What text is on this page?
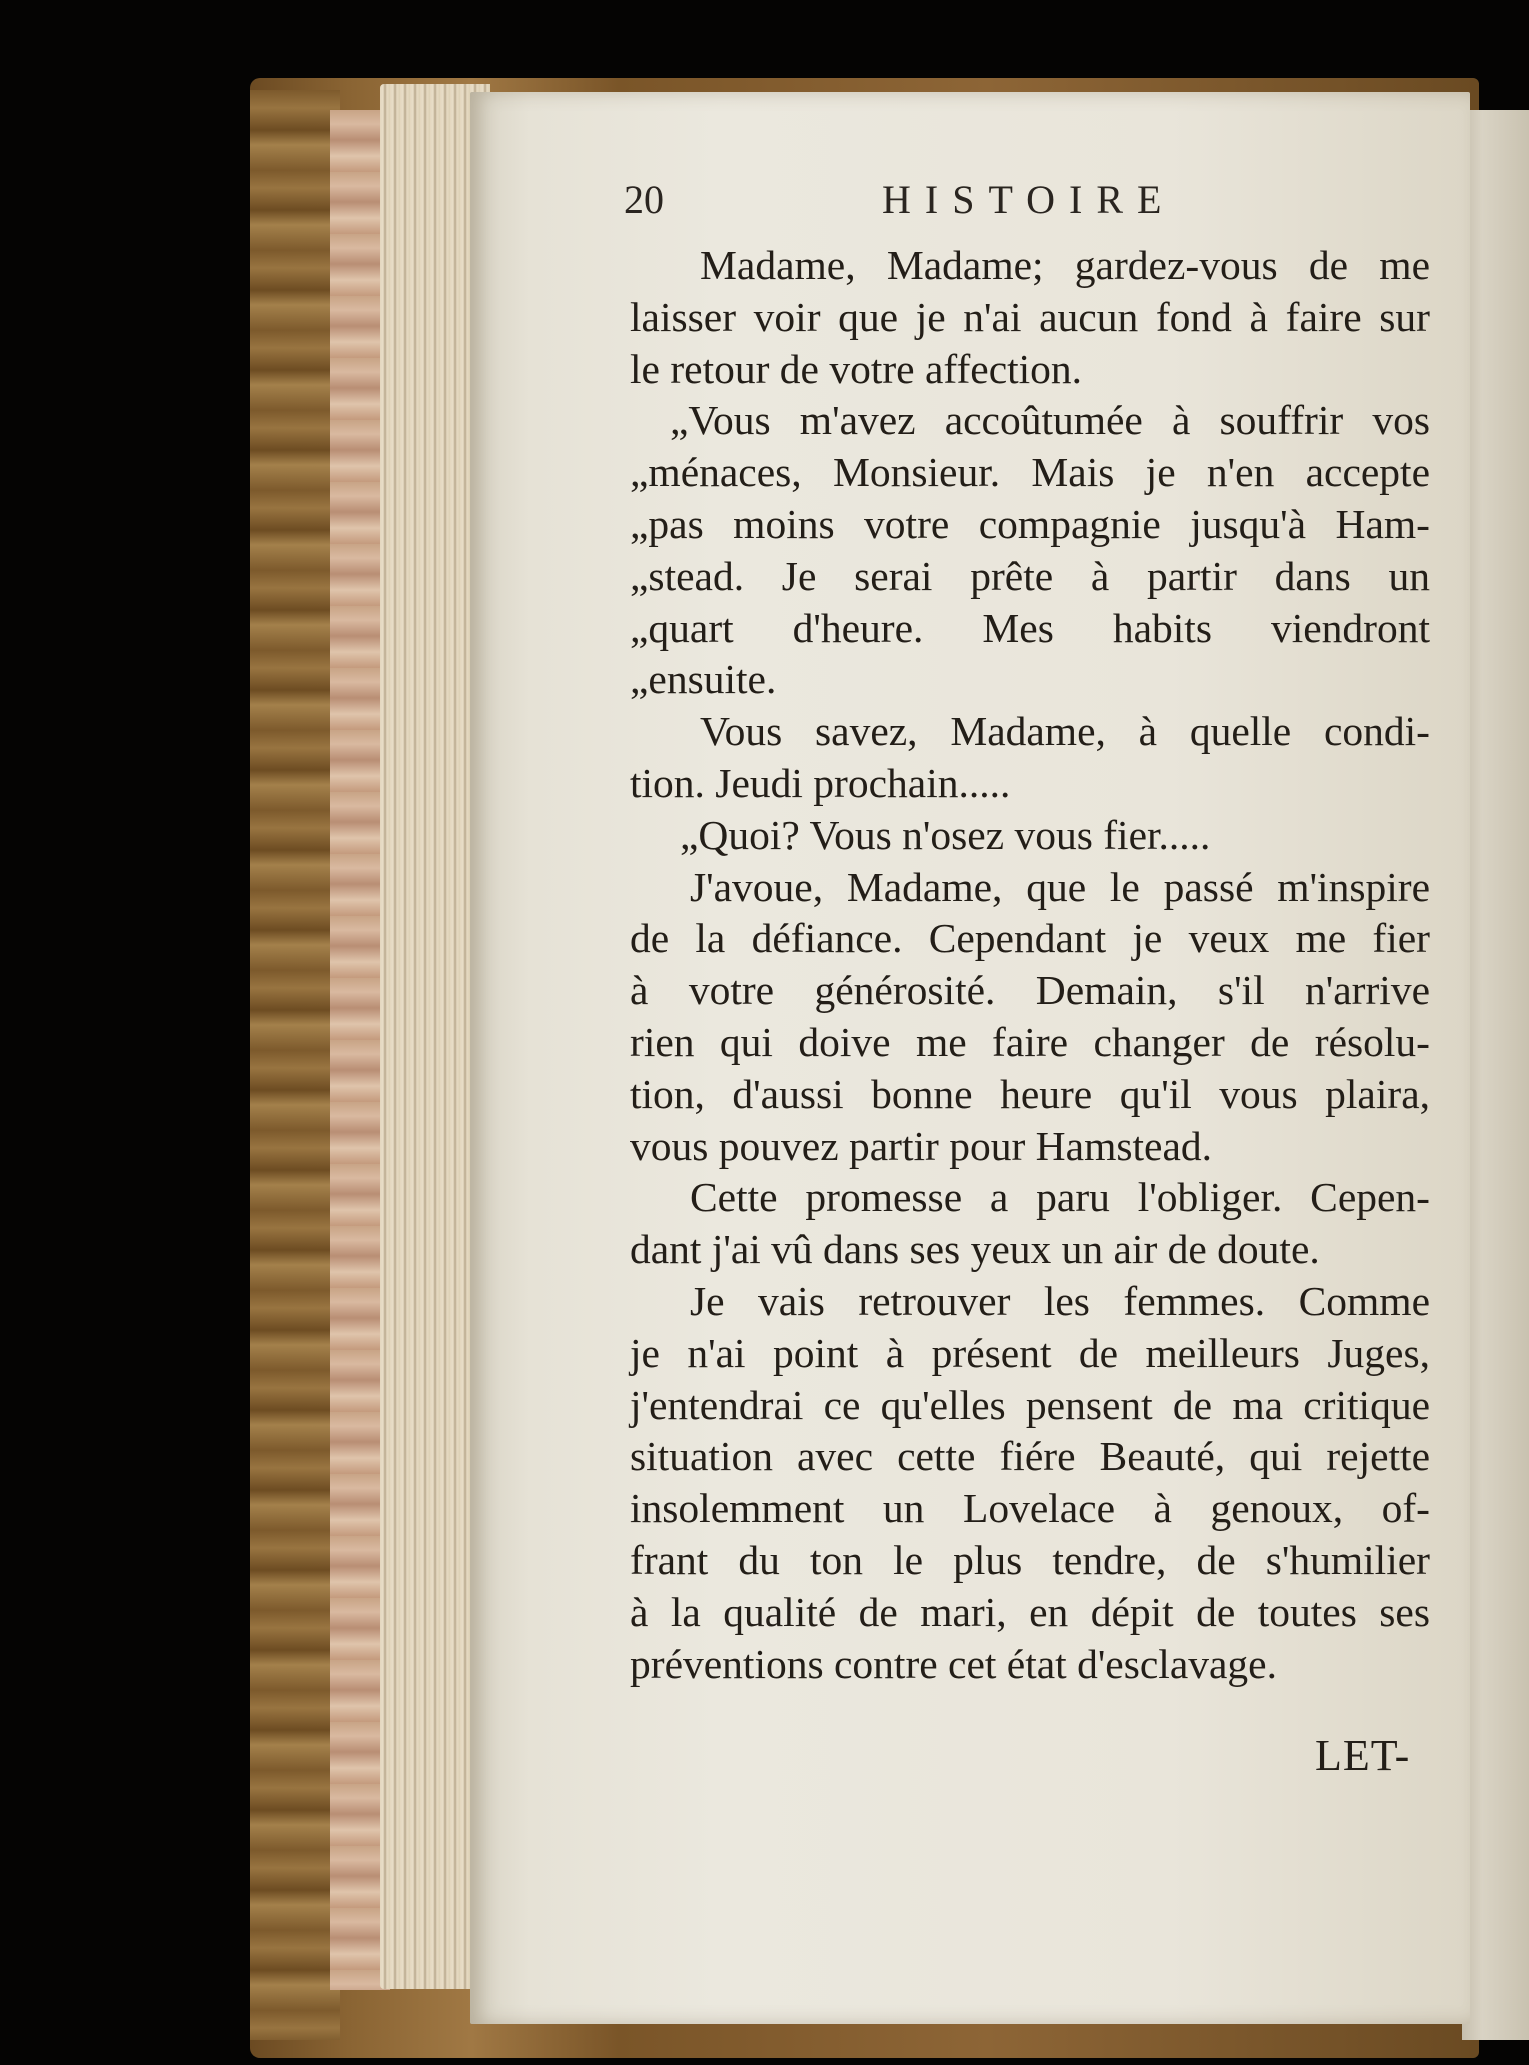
20	HISTOIRE
Madame, Madame; gardez-vous de me
laisser voir que je n'ai aucun fond à faire sur
le retour de votre affection.
„Vous m'avez accoûtumée à souffrir vos
„ménaces, Monsieur. Mais je n'en accepte
„pas moins votre compagnie jusqu'à Ham-
„stead. Je serai prête à partir dans un
„quart d'heure. Mes habits viendront
„ensuite.
Vous savez, Madame, à quelle condi-
tion. Jeudi prochain.....
„Quoi? Vous n'osez vous fier.....
J'avoue, Madame, que le passé m'inspire
de la défiance. Cependant je veux me fier
à votre générosité. Demain, s'il n'arrive
rien qui doive me faire changer de résolu-
tion, d'aussi bonne heure qu'il vous plaira,
vous pouvez partir pour Hamstead.
Cette promesse a paru l'obliger. Cepen-
dant j'ai vû dans ses yeux un air de doute.
Je vais retrouver les femmes. Comme
je n'ai point à présent de meilleurs Juges,
j'entendrai ce qu'elles pensent de ma critique
situation avec cette fiére Beauté, qui rejette
insolemment un Lovelace à genoux, of-
frant du ton le plus tendre, de s'humilier
à la qualité de mari, en dépit de toutes ses
préventions contre cet état d'esclavage.
LET-
